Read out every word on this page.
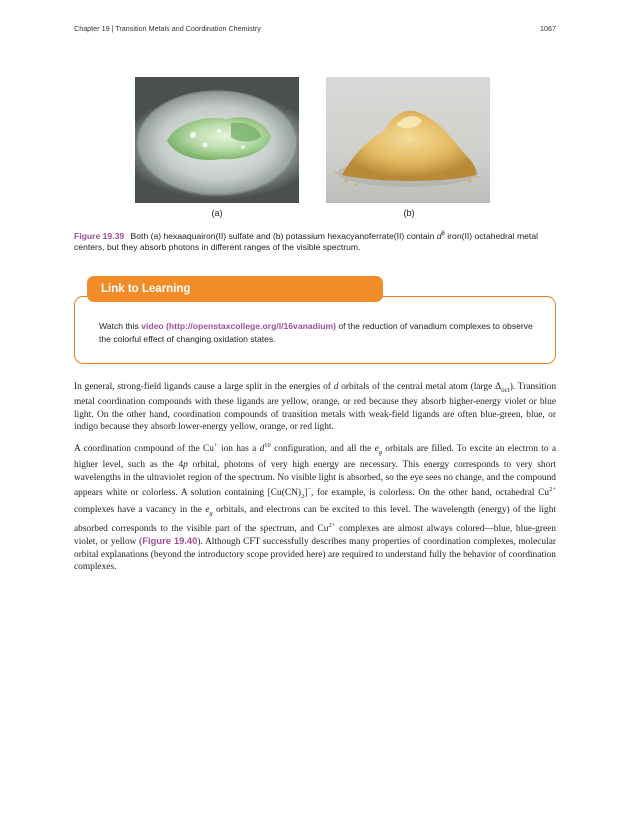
Chapter 19 | Transition Metals and Coordination Chemistry	1067
(a)	(b)
Figure 19.39 Both (a) hexaaquairon(II) sulfate and (b) potassium hexacyanoferrate(II) contain $d^6$ iron(II) octahedral metal centers, but they absorb photons in different ranges of the visible spectrum.
Link to Learning
Watch this video (http://openstaxcollege.org/l/16vanadium) of the reduction of vanadium complexes to observe the colorful effect of changing oxidation states.
In general, strong-field ligands cause a large split in the energies of d orbitals of the central metal atom (large $\Delta_{oct}$). Transition metal coordination compounds with these ligands are yellow, orange, or red because they absorb higher-energy violet or blue light. On the other hand, coordination compounds of transition metals with weak-field ligands are often blue-green, blue, or indigo because they absorb lower-energy yellow, orange, or red light.
A coordination compound of the Cu+ ion has a $d^{10}$ configuration, and all the $e_g$ orbitals are filled. To excite an electron to a higher level, such as the 4p orbital, photons of very high energy are necessary. This energy corresponds to very short wavelengths in the ultraviolet region of the spectrum. No visible light is absorbed, so the eye sees no change, and the compound appears white or colorless. A solution containing $[Cu(CN)_2]^-$, for example, is colorless. On the other hand, octahedral $Cu^{2+}$ complexes have a vacancy in the $e_g$ orbitals, and electrons can be excited to this level. The wavelength (energy) of the light absorbed corresponds to the visible part of the spectrum, and $Cu^{2+}$ complexes are almost always colored—blue, blue-green violet, or yellow (Figure 19.40). Although CFT successfully describes many properties of coordination complexes, molecular orbital explanations (beyond the introductory scope provided here) are required to understand fully the behavior of coordination complexes.
